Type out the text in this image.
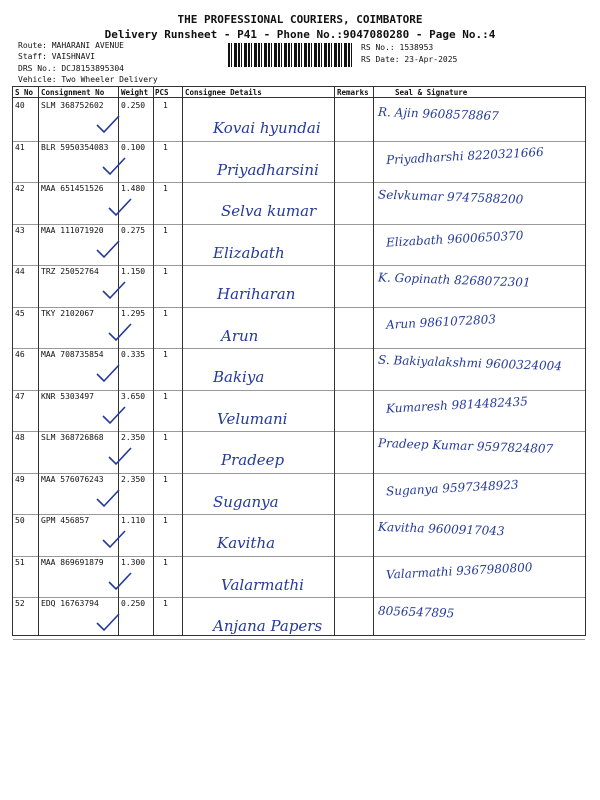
THE PROFESSIONAL COURIERS, COIMBATORE
Delivery Runsheet - P41 - Phone No.:9047080280 - Page No.:4
Route: MAHARANI AVENUE
Staff: VAISHNAVI
DRS No.: DCJ8153895304
Vehicle: Two Wheeler Delivery
RS No.: 1538953
RS Date: 23-Apr-2025
S No Consignment No Weight PCS Consignee Details	Remarks	Seal & Signature
40 SLM 368752602 0.250 1
Kovai hyundai
R. Ajin 9608578867
41 BLR 5950354083 0.100 1
Priyadharsini
Priyadharshi 8220321666
42 MAA 651451526 1.480 1
Selva kumar
Selvkumar 9747588200
43 MAA 111071920 0.275 1
Elizabath
Elizabath 9600650370
44 TRZ 25052764	1.150 1
Hariharan
K. Gopinath 8268072301
45 TKY 2102067	1.295 1
Arun
Arun 9861072803
46 MAA 708735854 0.335 1
Bakiya
S. Bakiyalakshmi 9600324004
47 KNR 5303497	3.650 1
Velumani
Kumaresh 9814482435
48 SLM 368726868 2.350 1
Pradeep
Pradeep Kumar 9597824807
49 MAA 576076243 2.350 1
Suganya
Suganya 9597348923
50 GPM 456857	1.110 1
Kavitha
Kavitha 9600917043
51 MAA 869691879 1.300 1
Valarmathi
Valarmathi 9367980800
52 EDQ 16763794	0.250 1
Anjana Papers
8056547895
